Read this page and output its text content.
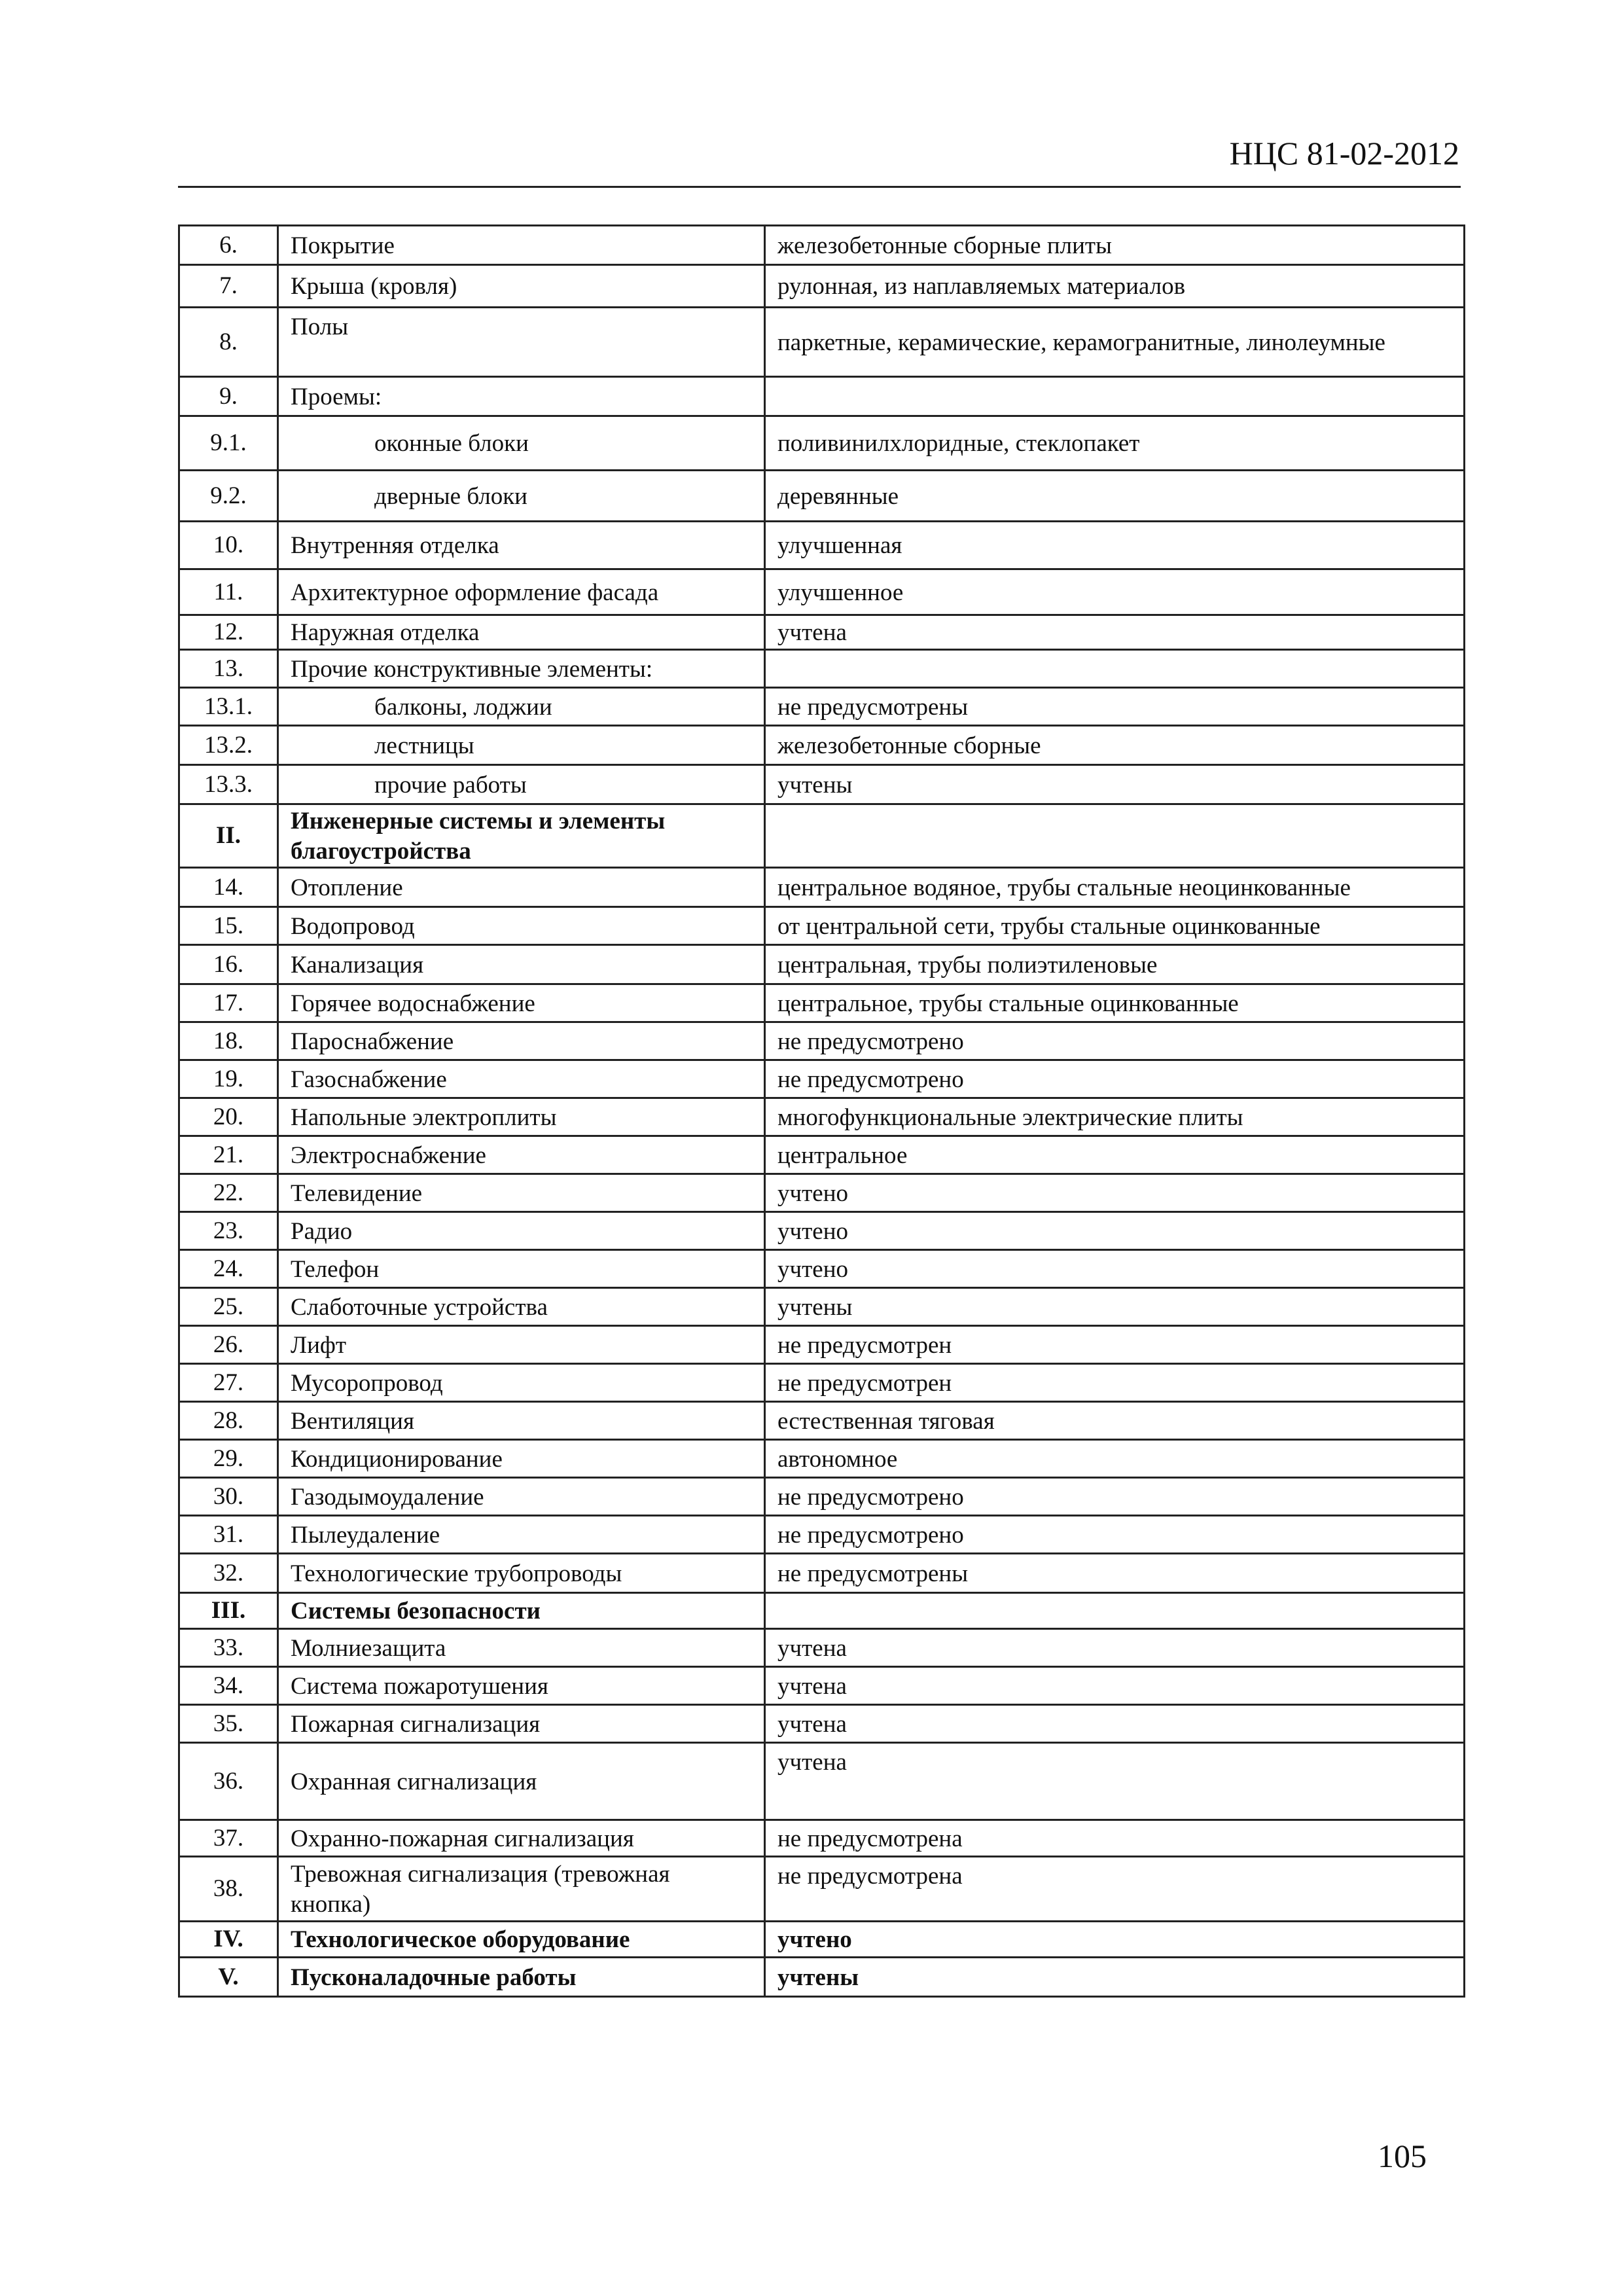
НЦС 81-02-2012
6.	Покрытие	железобетонные сборные плиты
7.	Крыша (кровля)	рулонная, из наплавляемых материалов
8.	Полы	паркетные, керамические, керамогранитные, линолеумные
9.	Проемы:	
9.1.	оконные блоки	поливинилхлоридные, стеклопакет
9.2.	дверные блоки	деревянные
10.	Внутренняя отделка	улучшенная
11.	Архитектурное оформление фасада	улучшенное
12.	Наружная отделка	учтена
13.	Прочие конструктивные элементы:	
13.1.	балконы, лоджии	не предусмотрены
13.2.	лестницы	железобетонные сборные
13.3.	прочие работы	учтены
II.	Инженерные системы и элементы благоустройства	
14.	Отопление	центральное водяное, трубы стальные неоцинкованные
15.	Водопровод	от центральной сети, трубы стальные оцинкованные
16.	Канализация	центральная, трубы полиэтиленовые
17.	Горячее водоснабжение	центральное, трубы стальные оцинкованные
18.	Пароснабжение	не предусмотрено
19.	Газоснабжение	не предусмотрено
20.	Напольные электроплиты	многофункциональные электрические плиты
21.	Электроснабжение	центральное
22.	Телевидение	учтено
23.	Радио	учтено
24.	Телефон	учтено
25.	Слаботочные устройства	учтены
26.	Лифт	не предусмотрен
27.	Мусоропровод	не предусмотрен
28.	Вентиляция	естественная тяговая
29.	Кондиционирование	автономное
30.	Газодымоудаление	не предусмотрено
31.	Пылеудаление	не предусмотрено
32.	Технологические трубопроводы	не предусмотрены
III.	Системы безопасности	
33.	Молниезащита	учтена
34.	Система пожаротушения	учтена
35.	Пожарная сигнализация	учтена
36.	Охранная сигнализация	учтена
37.	Охранно-пожарная сигнализация	не предусмотрена
38.	Тревожная сигнализация (тревожная кнопка)	не предусмотрена
IV.	Технологическое оборудование	учтено
V.	Пусконаладочные работы	учтены
105
